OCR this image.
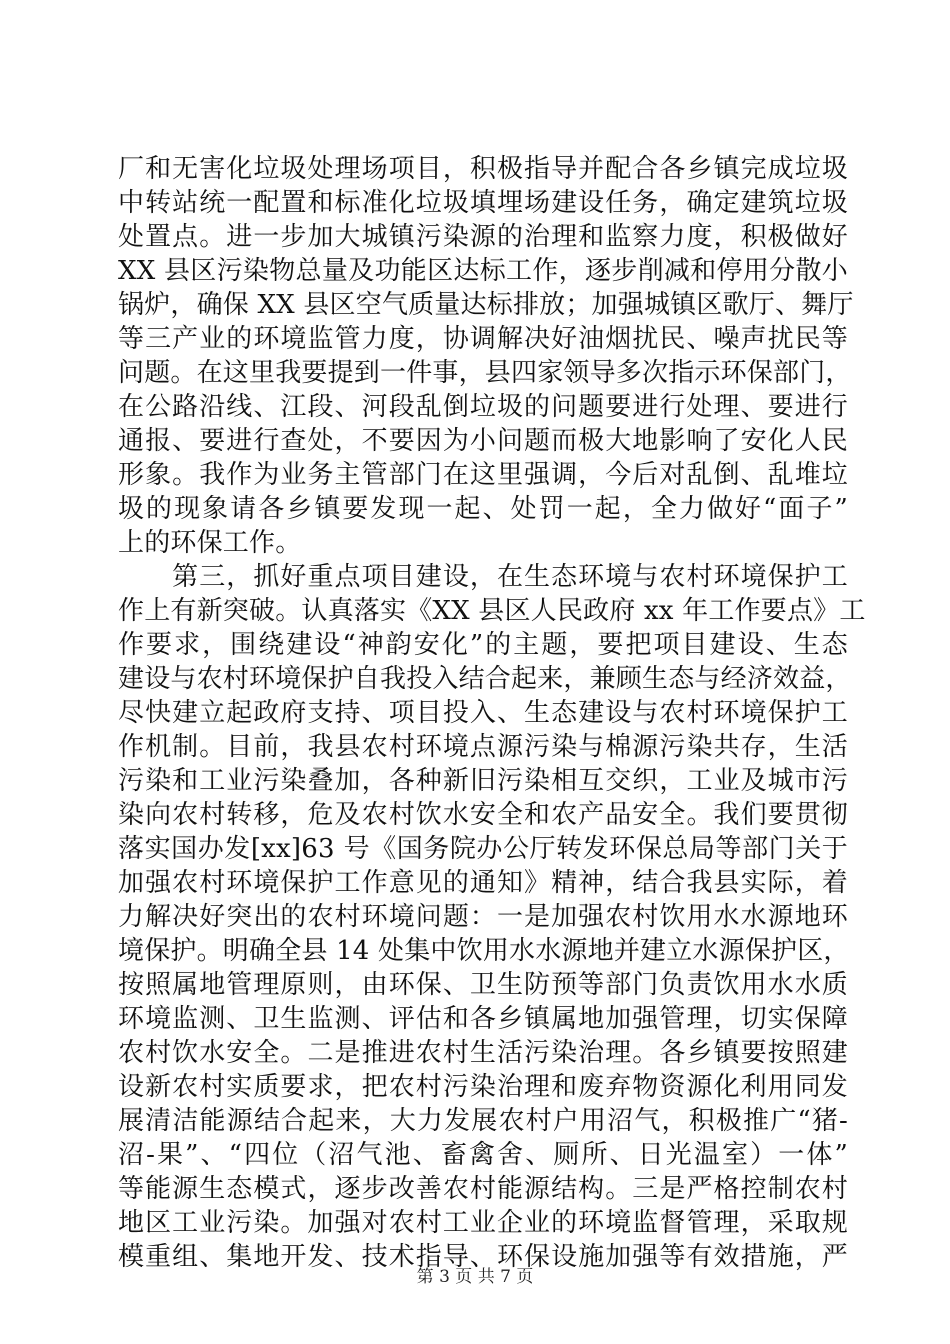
厂和无害化垃圾处理场项目，积极指导并配合各乡镇完成垃圾
中转站统一配置和标准化垃圾填埋场建设任务，确定建筑垃圾
处置点。进一步加大城镇污染源的治理和监察力度，积极做好
XX 县区污染物总量及功能区达标工作，逐步削减和停用分散小
锅炉，确保 XX 县区空气质量达标排放；加强城镇区歌厅、舞厅
等三产业的环境监管力度，协调解决好油烟扰民、噪声扰民等
问题。在这里我要提到一件事，县四家领导多次指示环保部门，
在公路沿线、江段、河段乱倒垃圾的问题要进行处理、要进行
通报、要进行查处，不要因为小问题而极大地影响了安化人民
形象。我作为业务主管部门在这里强调，今后对乱倒、乱堆垃
圾的现象请各乡镇要发现一起、处罚一起，全力做好“面子”
上的环保工作。
　　第三，抓好重点项目建设，在生态环境与农村环境保护工
作上有新突破。认真落实《XX 县区人民政府 xx 年工作要点》工
作要求，围绕建设“神韵安化”的主题，要把项目建设、生态
建设与农村环境保护自我投入结合起来，兼顾生态与经济效益，
尽快建立起政府支持、项目投入、生态建设与农村环境保护工
作机制。目前，我县农村环境点源污染与棉源污染共存，生活
污染和工业污染叠加，各种新旧污染相互交织，工业及城市污
染向农村转移，危及农村饮水安全和农产品安全。我们要贯彻
落实国办发[xx]63 号《国务院办公厅转发环保总局等部门关于
加强农村环境保护工作意见的通知》精神，结合我县实际，着
力解决好突出的农村环境问题：一是加强农村饮用水水源地环
境保护。明确全县 14 处集中饮用水水源地并建立水源保护区，
按照属地管理原则，由环保、卫生防预等部门负责饮用水水质
环境监测、卫生监测、评估和各乡镇属地加强管理，切实保障
农村饮水安全。二是推进农村生活污染治理。各乡镇要按照建
设新农村实质要求，把农村污染治理和废弃物资源化利用同发
展清洁能源结合起来，大力发展农村户用沼气，积极推广“猪-
沼-果”、“四位（沼气池、畜禽舍、厕所、日光温室）一体”
等能源生态模式，逐步改善农村能源结构。三是严格控制农村
地区工业污染。加强对农村工业企业的环境监督管理，采取规
模重组、集地开发、技术指导、环保设施加强等有效措施，严
第 3 页 共 7 页
